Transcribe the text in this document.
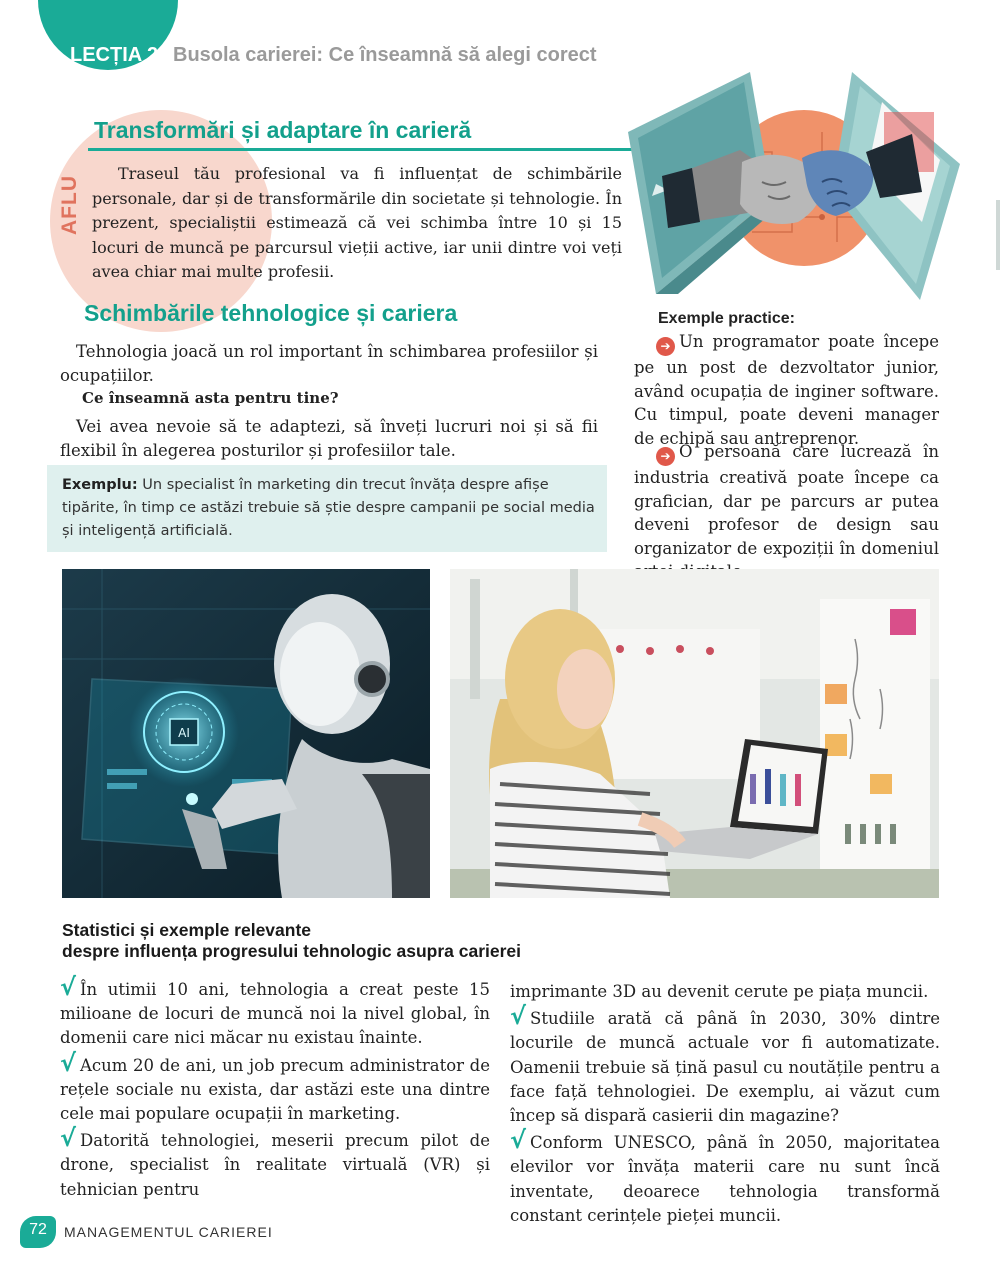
LECȚIA 2 Busola carierei: Ce înseamnă să alegi corect
Transformări și adaptare în carieră
AFLU
Traseul tău profesional va fi influențat de schimbările personale, dar și de transformările din societate și tehnologie. În prezent, specialiștii estimează că vei schimba între 10 și 15 locuri de muncă pe parcursul vieții active, iar unii dintre voi veți avea chiar mai multe profesii.
Schimbările tehnologice și cariera
Tehnologia joacă un rol important în schimbarea profesiilor și ocupațiilor.
Ce înseamnă asta pentru tine?
Vei avea nevoie să te adaptezi, să înveți lucruri noi și să fii flexibil în alegerea posturilor și profesiilor tale.
Exemplu: Un specialist în marketing din trecut învăța despre afișe tipărite, în timp ce astăzi trebuie să știe despre campanii pe social media și inteligență artificială.
Exemple practice:
➔ Un programator poate începe pe un post de dezvoltator junior, având ocupația de inginer software. Cu timpul, poate deveni manager de echipă sau antreprenor.
➔ O persoană care lucrează în industria creativă poate începe ca grafician, dar pe parcurs ar putea deveni profesor de design sau organizator de expoziții în domeniul
AI
Statistici și exemple relevante
despre influența progresului tehnologic asupra carierei

√ În utimii 10 ani, tehnologia a creat peste 15 milioane de locuri de muncă noi la nivel global, în domenii care nici măcar nu existau înainte.

√ Acum 20 de ani, un job precum administrator de rețele sociale nu exista, dar astăzi este una dintre cele mai populare ocupații în marketing.

√ Datorită tehnologiei, meserii precum pilot de drone, specialist în realitate virtuală (VR) și tehnician pentru

imprimante 3D au devenit cerute pe piața muncii.

√ Studiile arată că până în 2030, 30% dintre locurile de muncă actuale vor fi automatizate. Oamenii trebuie să țină pasul cu noutățile pentru a face față tehnologiei. De exemplu, ai văzut cum încep să dispară casierii din magazine?

√ Conform UNESCO, până în 2050, majoritatea elevilor vor învăța materii care nu sunt încă inventate, deoarece tehnologia transformă constant cerințele pieței muncii.

72	MANAGEMENTUL CARIEREI
